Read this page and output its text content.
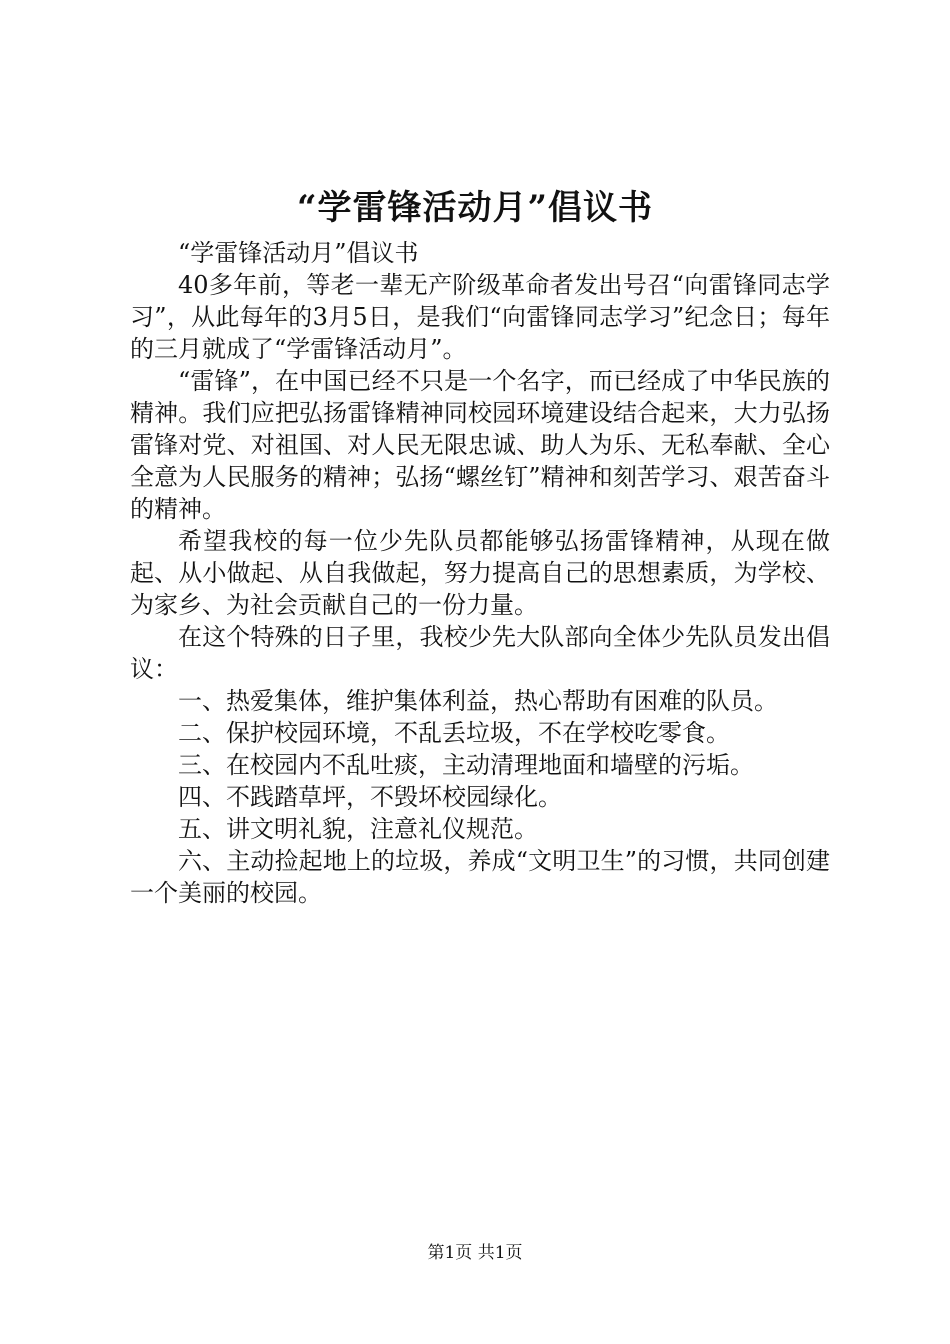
“学雷锋活动月”倡议书

“学雷锋活动月”倡议书

40多年前，等老一辈无产阶级革命者发出号召“向雷锋同志学习”，从此每年的3月5日，是我们“向雷锋同志学习”纪念日；每年的三月就成了“学雷锋活动月”。

“雷锋”，在中国已经不只是一个名字，而已经成了中华民族的精神。我们应把弘扬雷锋精神同校园环境建设结合起来，大力弘扬雷锋对党、对祖国、对人民无限忠诚、助人为乐、无私奉献、全心全意为人民服务的精神；弘扬“螺丝钉”精神和刻苦学习、艰苦奋斗的精神。

希望我校的每一位少先队员都能够弘扬雷锋精神，从现在做起、从小做起、从自我做起，努力提高自己的思想素质，为学校、为家乡、为社会贡献自己的一份力量。

在这个特殊的日子里，我校少先大队部向全体少先队员发出倡议：

一、热爱集体，维护集体利益，热心帮助有困难的队员。

二、保护校园环境，不乱丢垃圾，不在学校吃零食。

三、在校园内不乱吐痰，主动清理地面和墙壁的污垢。

四、不践踏草坪，不毁坏校园绿化。

五、讲文明礼貌，注意礼仪规范。

六、主动捡起地上的垃圾，养成“文明卫生”的习惯，共同创建一个美丽的校园。

第1页 共1页
